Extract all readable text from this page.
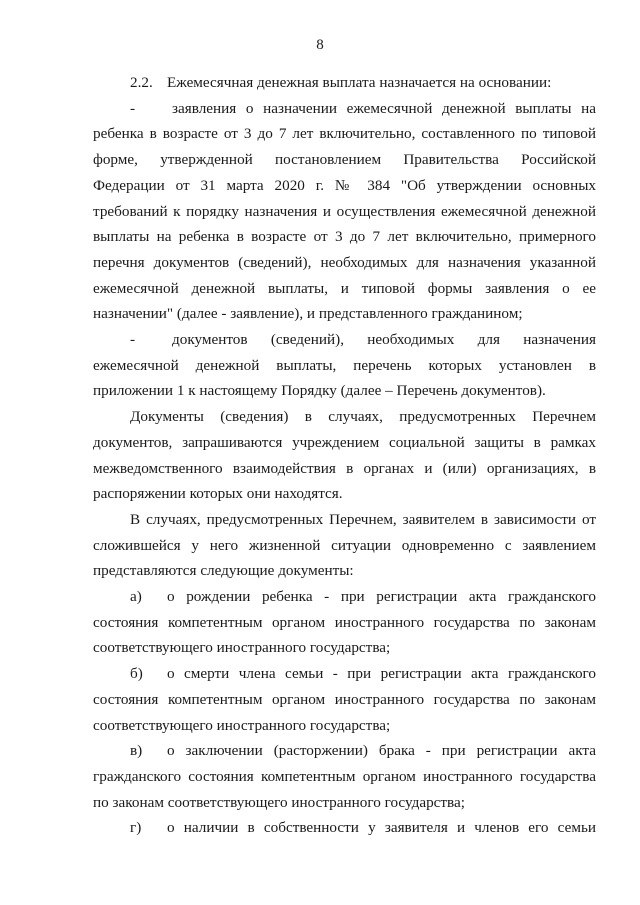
8

2.2. Ежемесячная денежная выплата назначается на основании:

- заявления о назначении ежемесячной денежной выплаты на ребенка в возрасте от 3 до 7 лет включительно, составленного по типовой форме, утвержденной постановлением Правительства Российской Федерации от 31 марта 2020 г. № 384 "Об утверждении основных требований к порядку назначения и осуществления ежемесячной денежной выплаты на ребенка в возрасте от 3 до 7 лет включительно, примерного перечня документов (сведений), необходимых для назначения указанной ежемесячной денежной выплаты, и типовой формы заявления о ее назначении" (далее - заявление), и представленного гражданином;

- документов (сведений), необходимых для назначения ежемесячной денежной выплаты, перечень которых установлен в приложении 1 к настоящему Порядку (далее – Перечень документов).

Документы (сведения) в случаях, предусмотренных Перечнем документов, запрашиваются учреждением социальной защиты в рамках межведомственного взаимодействия в органах и (или) организациях, в распоряжении которых они находятся.

В случаях, предусмотренных Перечнем, заявителем в зависимости от сложившейся у него жизненной ситуации одновременно с заявлением представляются следующие документы:

а) о рождении ребенка - при регистрации акта гражданского состояния компетентным органом иностранного государства по законам соответствующего иностранного государства;

б) о смерти члена семьи - при регистрации акта гражданского состояния компетентным органом иностранного государства по законам соответствующего иностранного государства;

в) о заключении (расторжении) брака - при регистрации акта гражданского состояния компетентным органом иностранного государства по законам соответствующего иностранного государства;

г) о наличии в собственности у заявителя и членов его семьи
